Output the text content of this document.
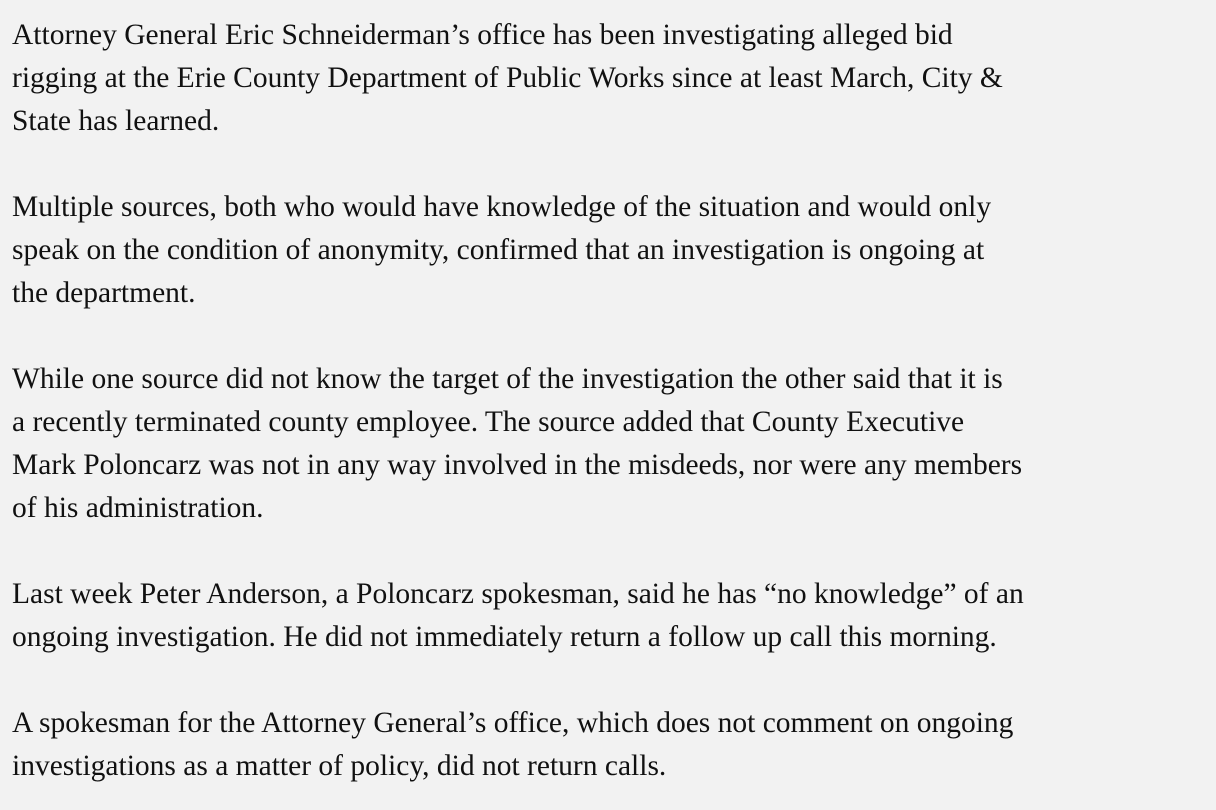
Attorney General Eric Schneiderman’s office has been investigating alleged bid
rigging at the Erie County Department of Public Works since at least March, City &
State has learned.

Multiple sources, both who would have knowledge of the situation and would only
speak on the condition of anonymity, confirmed that an investigation is ongoing at
the department.

While one source did not know the target of the investigation the other said that it is
a recently terminated county employee. The source added that County Executive
Mark Poloncarz was not in any way involved in the misdeeds, nor were any members
of his administration.

Last week Peter Anderson, a Poloncarz spokesman, said he has “no knowledge” of an
ongoing investigation. He did not immediately return a follow up call this morning.

A spokesman for the Attorney General’s office, which does not comment on ongoing
investigations as a matter of policy, did not return calls.
